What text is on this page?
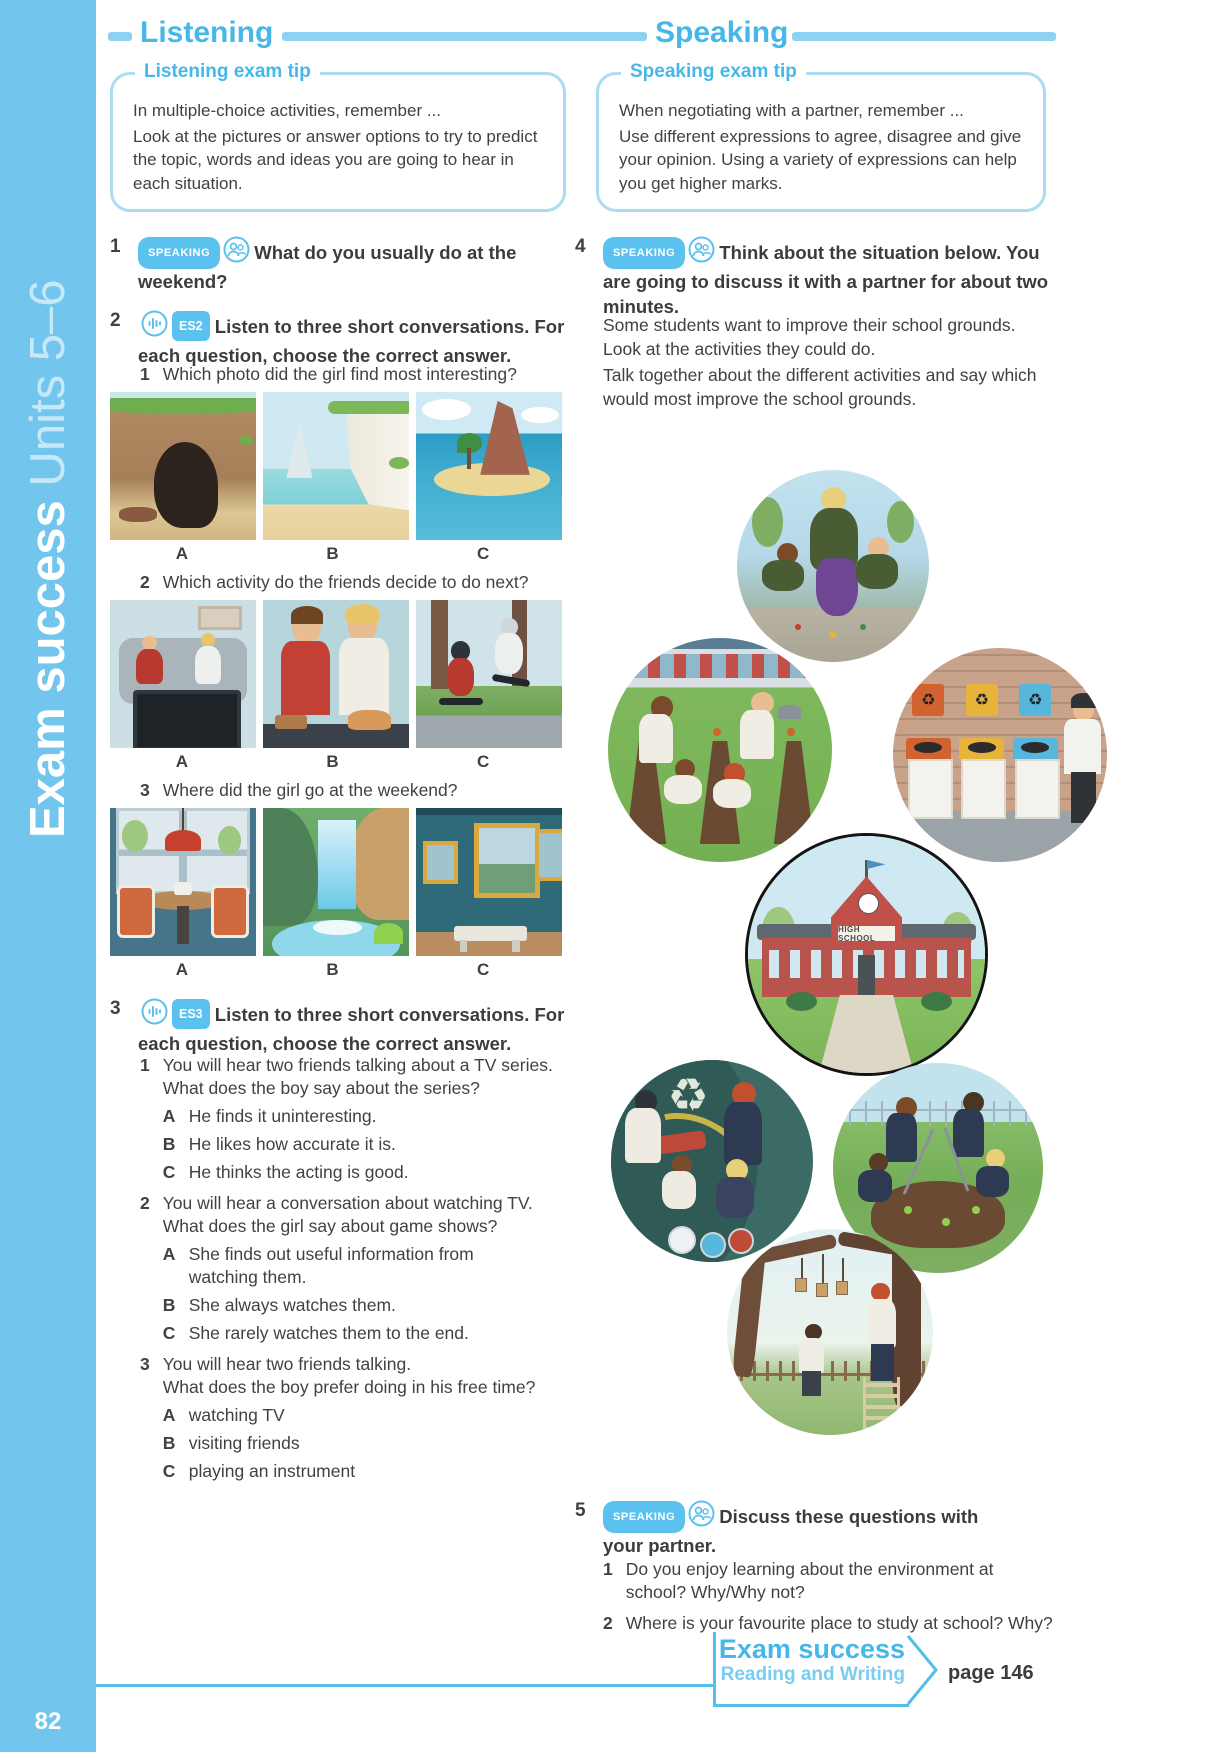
Exam success Units 5–6
82
Listening	Speaking
Listening exam tip

In multiple-choice activities, remember ...

Look at the pictures or answer options to try to predict the topic, words and ideas you are going to hear in each situation.

Speaking exam tip

When negotiating with a partner, remember ...

Use different expressions to agree, disagree and give your opinion. Using a variety of expressions can help you get higher marks.

1	SPEAKING What do you usually do at the weekend?
2	ES2 Listen to three short conversations. For each question, choose the correct answer.
1 Which photo did the girl find most interesting?
A	B	C
2 Which activity do the friends decide to do next?
A	B	C
3 Where did the girl go at the weekend?
A	B	C
3	ES3 Listen to three short conversations. For each question, choose the correct answer.
1 You will hear two friends talking about a TV series.
What does the boy say about the series?
A He finds it uninteresting.
B He likes how accurate it is.
C He thinks the acting is good.
2 You will hear a conversation about watching TV.
What does the girl say about game shows?
A She finds out useful information from watching them.
B She always watches them.
C She rarely watches them to the end.
3 You will hear two friends talking.
What does the boy prefer doing in his free time?
A watching TV
B visiting friends
C playing an instrument
4	SPEAKING Think about the situation below. You are going to discuss it with a partner for about two minutes.

Some students want to improve their school grounds. Look at the activities they could do.

Talk together about the different activities and say which would most improve the school grounds.

♻	♻	♻
HIGH SCHOOL
♻
5	SPEAKING Discuss these questions with your partner.
1 Do you enjoy learning about the environment at school? Why/Why not?
2 Where is your favourite place to study at school? Why?
Exam success
Reading and Writing page 146
